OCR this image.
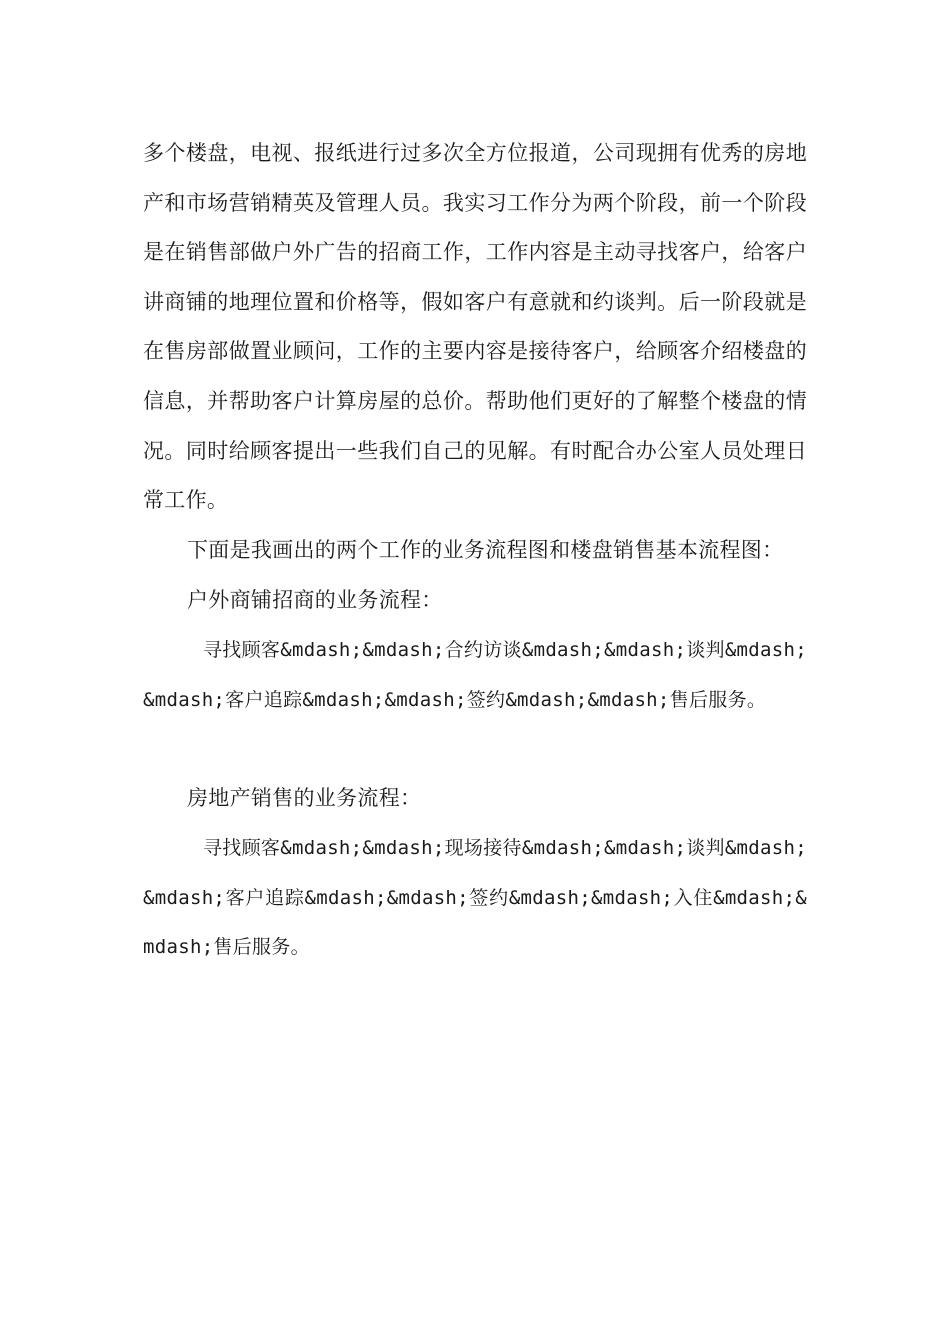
多个楼盘，电视、报纸进行过多次全方位报道，公司现拥有优秀的房地产和市场营销精英及管理人员。我实习工作分为两个阶段，前一个阶段是在销售部做户外广告的招商工作，工作内容是主动寻找客户，给客户讲商铺的地理位置和价格等，假如客户有意就和约谈判。后一阶段就是在售房部做置业顾问，工作的主要内容是接待客户，给顾客介绍楼盘的信息，并帮助客户计算房屋的总价。帮助他们更好的了解整个楼盘的情况。同时给顾客提出一些我们自己的见解。有时配合办公室人员处理日常工作。

下面是我画出的两个工作的业务流程图和楼盘销售基本流程图：

户外商铺招商的业务流程：

寻找顾客&mdash;&mdash;合约访谈&mdash;&mdash;谈判&mdash;&mdash;客户追踪&mdash;&mdash;签约&mdash;&mdash;售后服务。

房地产销售的业务流程：

寻找顾客&mdash;&mdash;现场接待&mdash;&mdash;谈判&mdash;&mdash;客户追踪&mdash;&mdash;签约&mdash;&mdash;入住&mdash;&mdash;售后服务。
